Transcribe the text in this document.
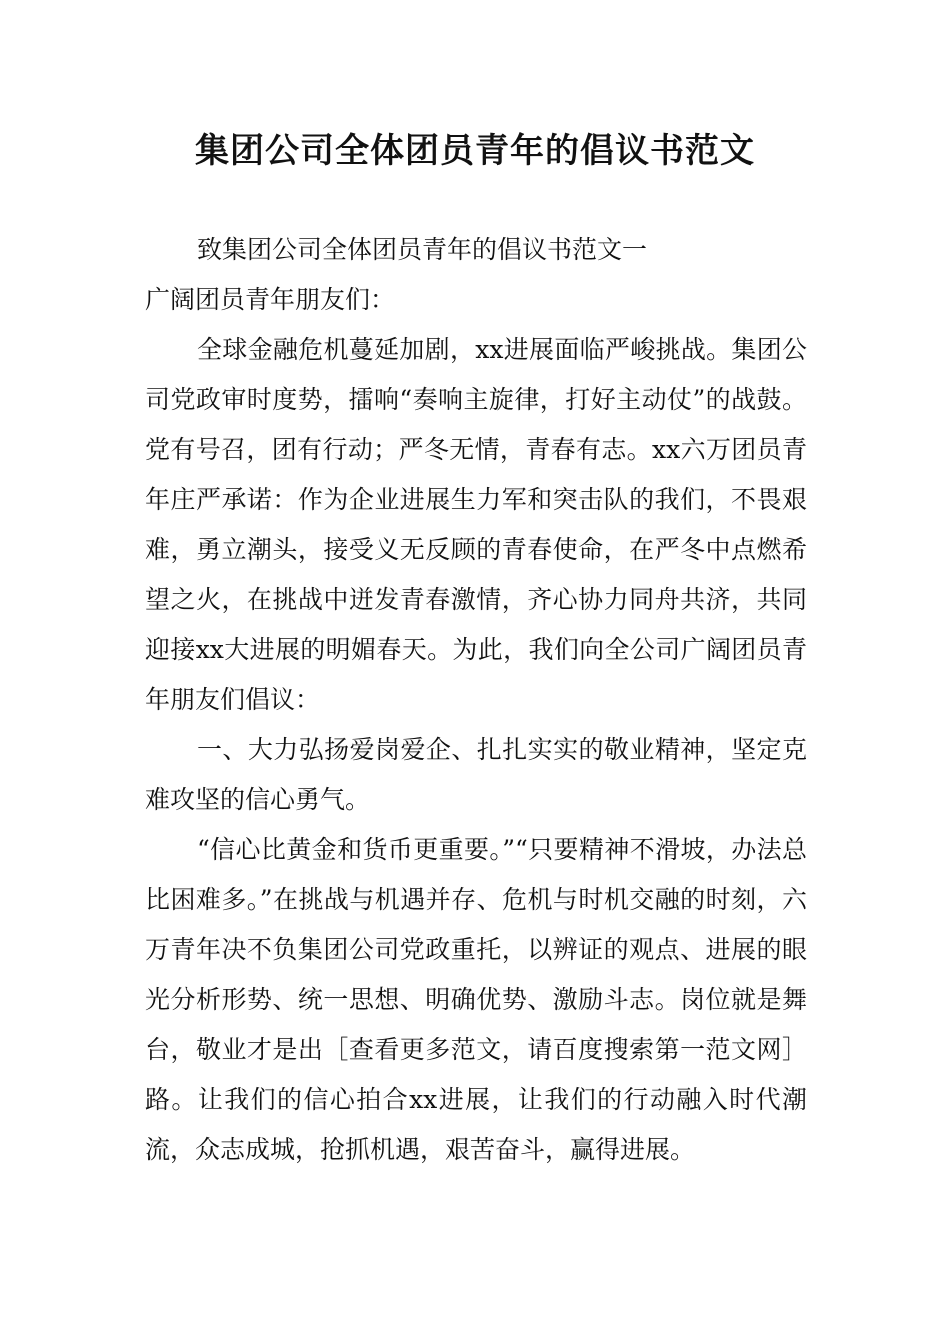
集团公司全体团员青年的倡议书范文

致集团公司全体团员青年的倡议书范文一

广阔团员青年朋友们：

全球金融危机蔓延加剧，xx进展面临严峻挑战。集团公司党政审时度势，擂响“奏响主旋律，打好主动仗”的战鼓。党有号召，团有行动；严冬无情，青春有志。xx六万团员青年庄严承诺：作为企业进展生力军和突击队的我们，不畏艰难，勇立潮头，接受义无反顾的青春使命，在严冬中点燃希望之火，在挑战中迸发青春激情，齐心协力同舟共济，共同迎接xx大进展的明媚春天。为此，我们向全公司广阔团员青年朋友们倡议：

一、大力弘扬爱岗爱企、扎扎实实的敬业精神，坚定克难攻坚的信心勇气。

“信心比黄金和货币更重要。”“只要精神不滑坡，办法总比困难多。”在挑战与机遇并存、危机与时机交融的时刻，六万青年决不负集团公司党政重托，以辨证的观点、进展的眼光分析形势、统一思想、明确优势、激励斗志。岗位就是舞台，敬业才是出［查看更多范文，请百度搜索第一范文网］路。让我们的信心拍合xx进展，让我们的行动融入时代潮流，众志成城，抢抓机遇，艰苦奋斗，赢得进展。
